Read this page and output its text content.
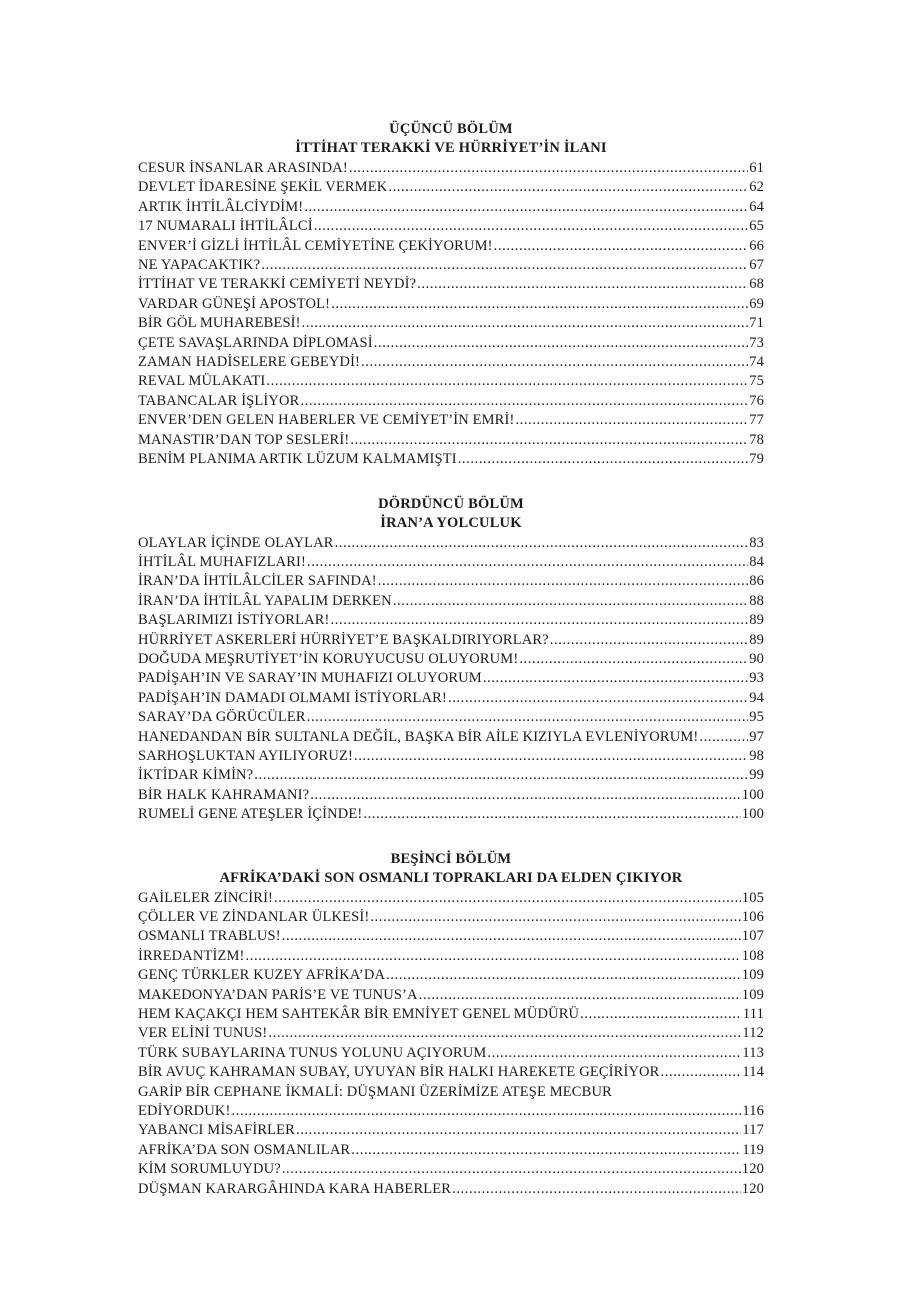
ÜÇÜNCÜ BÖLÜM
İTTİHAT TERAKKİ VE HÜRRİYET’İN İLANI
CESUR İNSANLAR ARASINDA! .....	61
DEVLET İDARESİNE ŞEKİL VERMEK .....	62
ARTIK İHTİLÂLCİYDİM! .....	64
17 NUMARALI İHTİLÂLCİ .....	65
ENVER’İ GİZLİ İHTİLÂL CEMİYETİNE ÇEKİYORUM! .....	66
NE YAPACAKTIK? .....	67
İTTİHAT VE TERAKKİ CEMİYETİ NEYDİ? .....	68
VARDAR GÜNEŞİ APOSTOL! .....	69
BİR GÖL MUHAREBESİ! .....	71
ÇETE SAVAŞLARINDA DİPLOMASİ .....	73
ZAMAN HADİSELERE GEBEYDİ! .....	74
REVAL MÜLAKATI .....	75
TABANCALAR İŞLİYOR .....	76
ENVER’DEN GELEN HABERLER VE CEMİYET’İN EMRİ! .....	77
MANASTIR’DAN TOP SESLERİ! .....	78
BENİM PLANIMA ARTIK LÜZUM KALMAMIŞTI .....	79
DÖRDÜNCÜ BÖLÜM
İRAN’A YOLCULUK
OLAYLAR İÇİNDE OLAYLAR .....	83
İHTİLÂL MUHAFIZLARI! .....	84
İRAN’DA İHTİLÂLCİLER SAFINDA! .....	86
İRAN’DA İHTİLÂL YAPALIM DERKEN .....	88
BAŞLARIMIZI İSTİYORLAR! .....	89
HÜRRİYET ASKERLERİ HÜRRİYET’E BAŞKALDIRIYORLAR? .....	89
DOĞUDA MEŞRUTİYET’İN KORUYUCUSU OLUYORUM! .....	90
PADİŞAH’IN VE SARAY’IN MUHAFIZI OLUYORUM .....	93
PADİŞAH’IN DAMADI OLMAMI İSTİYORLAR! .....	94
SARAY’DA GÖRÜCÜLER .....	95
HANEDANDAN BİR SULTANLA DEĞİL, BAŞKA BİR AİLE KIZIYLA EVLENİYORUM! .....	97
SARHOŞLUKTAN AYILIYORUZ! .....	98
İKTİDAR KİMİN? .....	99
BİR HALK KAHRAMANI? .....	100
RUMELİ GENE ATEŞLER İÇİNDE! .....	100
BEŞİNCİ BÖLÜM
AFRİKA’DAKİ SON OSMANLI TOPRAKLARI DA ELDEN ÇIKIYOR
GAİLELER ZİNCİRİ! .....	105
ÇÖLLER VE ZİNDANLAR ÜLKESİ! .....	106
OSMANLI TRABLUS! .....	107
İRREDANTİZM! .....	108
GENÇ TÜRKLER KUZEY AFRİKA’DA .....	109
MAKEDONYA’DAN PARİS’E VE TUNUS’A .....	109
HEM KAÇAKÇI HEM SAHTEKÂR BİR EMNİYET GENEL MÜDÜRÜ .....	111
VER ELİNİ TUNUS! .....	112
TÜRK SUBAYLARINA TUNUS YOLUNU AÇIYORUM .....	113
BİR AVUÇ KAHRAMAN SUBAY, UYUYAN BİR HALKI HAREKETE GEÇİRİYOR .....	114
GARİP BİR CEPHANE İKMALİ: DÜŞMANI ÜZERİMİZE ATEŞE MECBUR
EDİYORDUK! .....	116
YABANCI MİSAFİRLER .....	117
AFRİKA’DA SON OSMANLILAR .....	119
KİM SORUMLUYDU? .....	120
DÜŞMAN KARARGÂHINDA KARA HABERLER .....	120
